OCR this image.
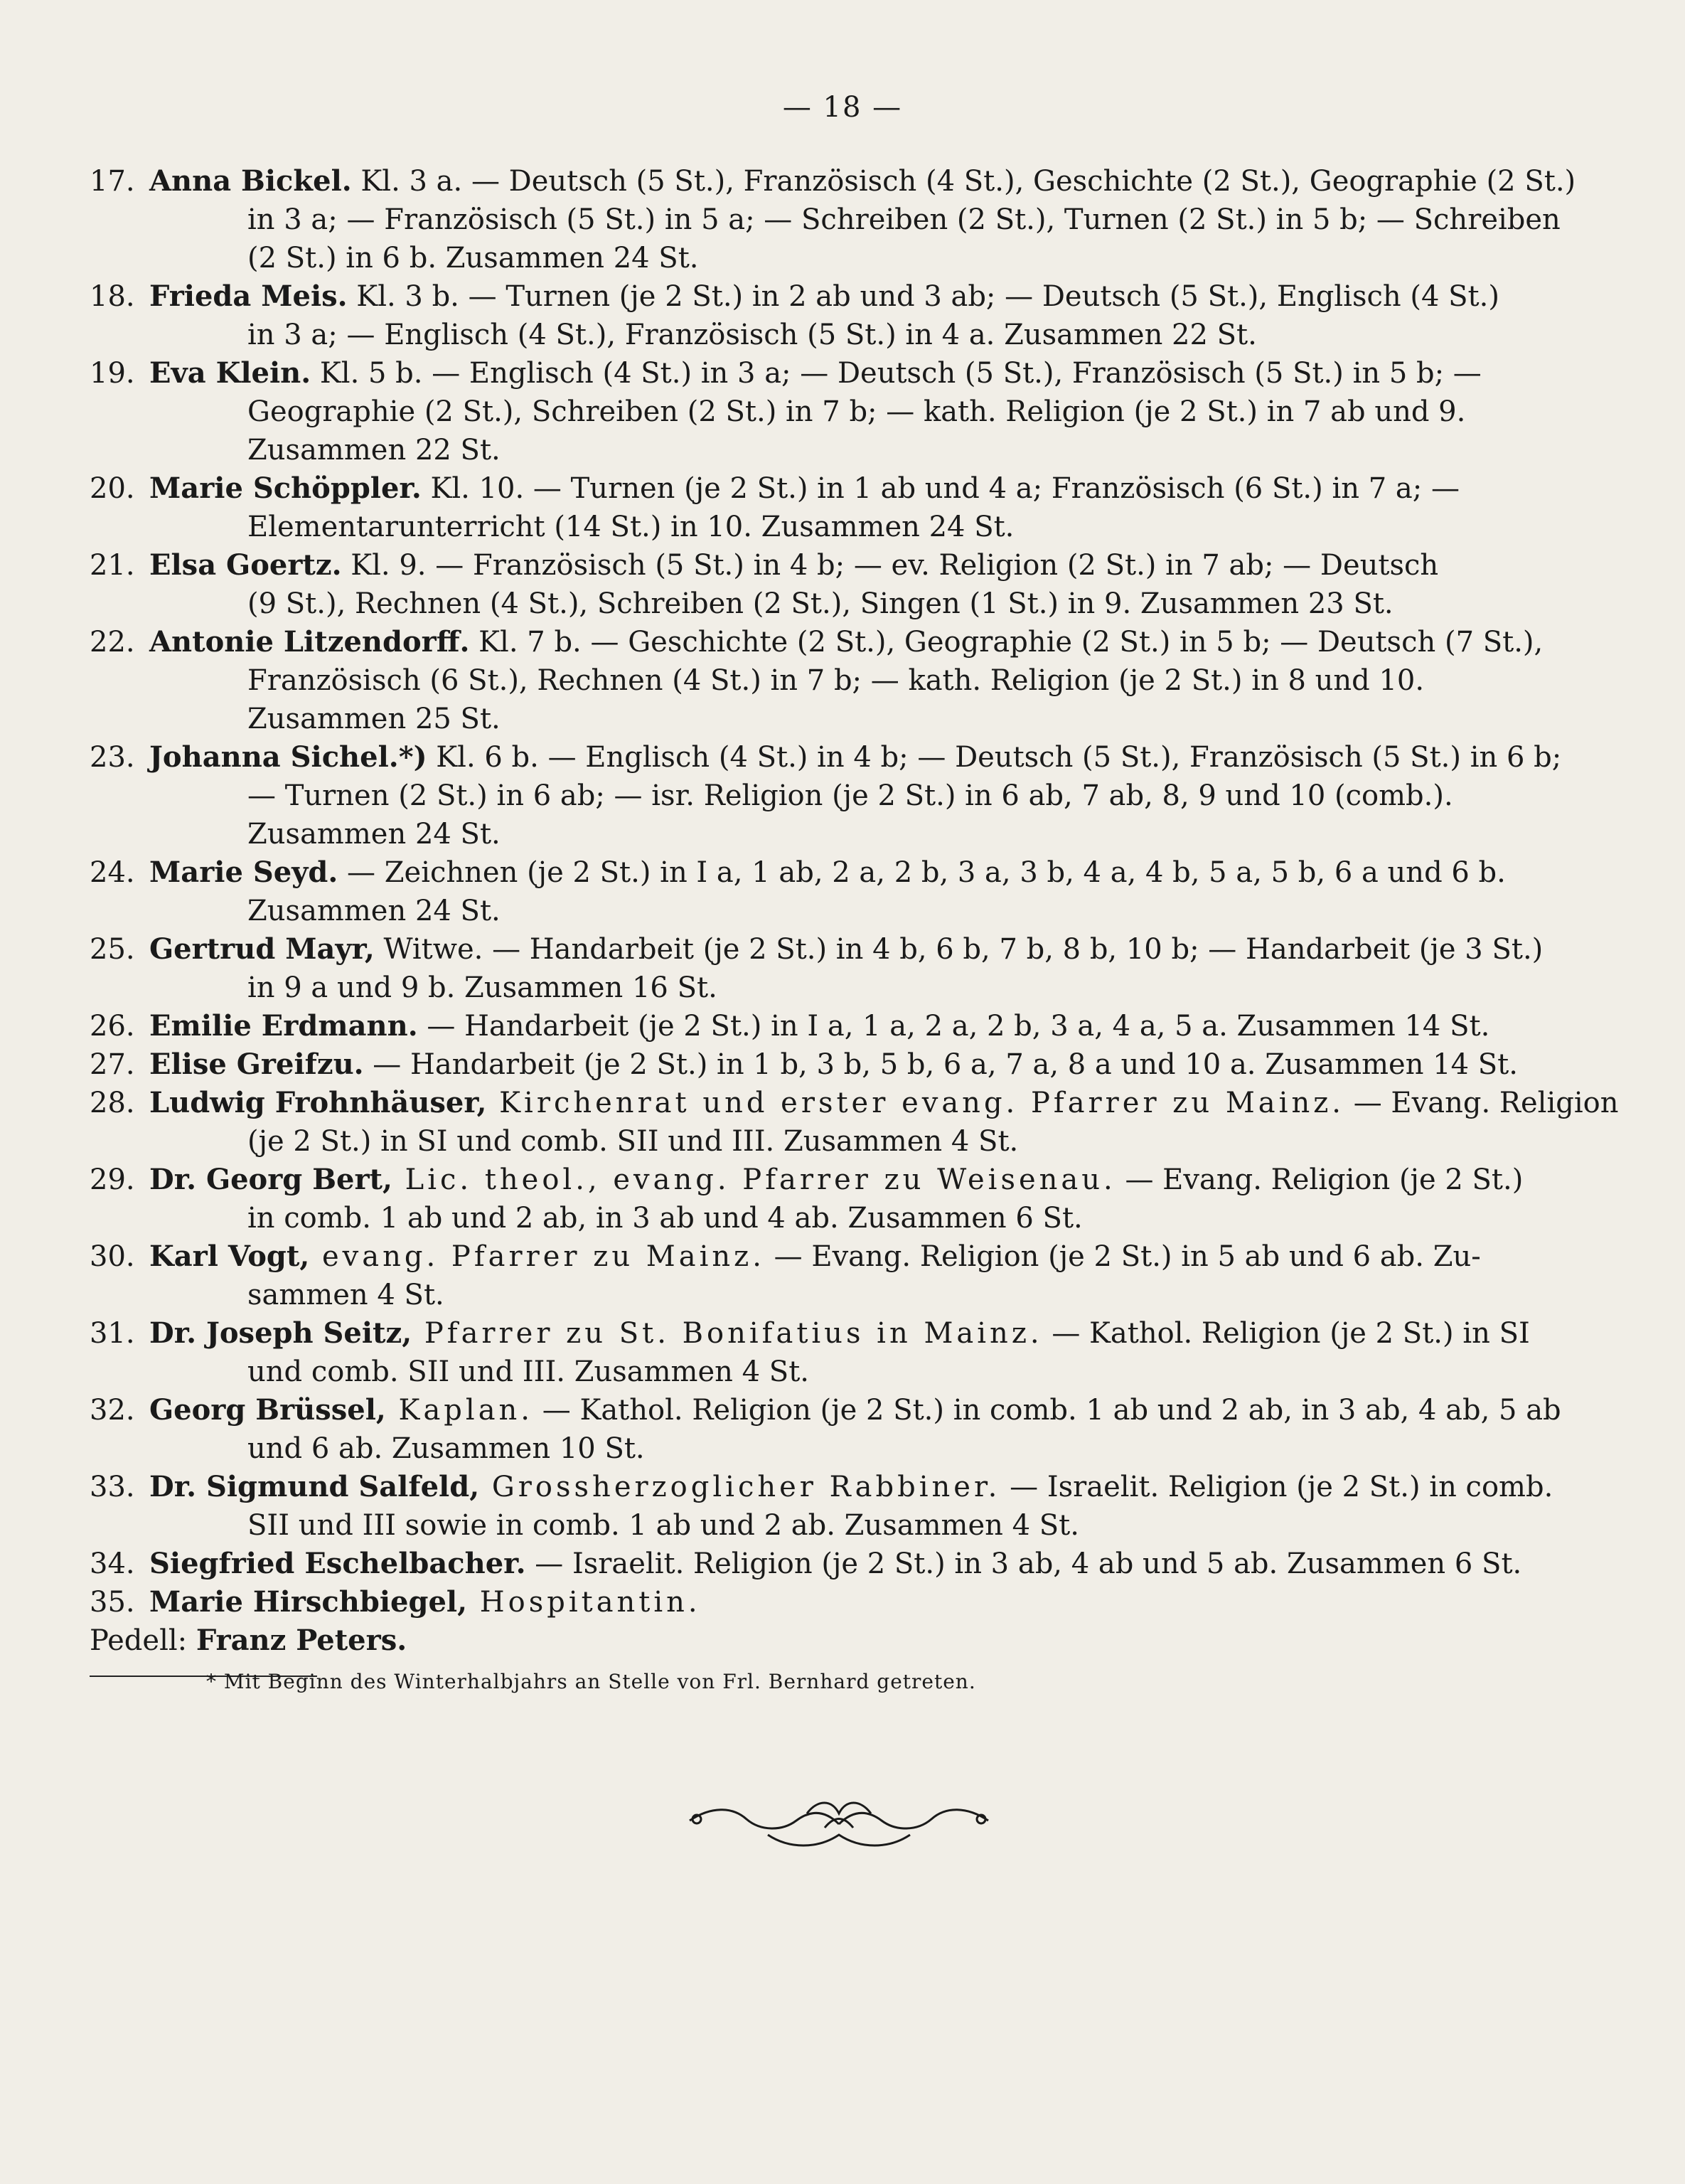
— 18 —
17. Anna Bickel. Kl. 3 a. — Deutsch (5 St.), Französisch (4 St.), Geschichte (2 St.), Geographie (2 St.)
in 3 a; — Französisch (5 St.) in 5 a; — Schreiben (2 St.), Turnen (2 St.) in 5 b; — Schreiben
(2 St.) in 6 b. Zusammen 24 St.
18. Frieda Meis. Kl. 3 b. — Turnen (je 2 St.) in 2 ab und 3 ab; — Deutsch (5 St.), Englisch (4 St.)
in 3 a; — Englisch (4 St.), Französisch (5 St.) in 4 a. Zusammen 22 St.
19. Eva Klein. Kl. 5 b. — Englisch (4 St.) in 3 a; — Deutsch (5 St.), Französisch (5 St.) in 5 b; —
Geographie (2 St.), Schreiben (2 St.) in 7 b; — kath. Religion (je 2 St.) in 7 ab und 9.
Zusammen 22 St.
20. Marie Schöppler. Kl. 10. — Turnen (je 2 St.) in 1 ab und 4 a; Französisch (6 St.) in 7 a; —
Elementarunterricht (14 St.) in 10. Zusammen 24 St.
21. Elsa Goertz. Kl. 9. — Französisch (5 St.) in 4 b; — ev. Religion (2 St.) in 7 ab; — Deutsch
(9 St.), Rechnen (4 St.), Schreiben (2 St.), Singen (1 St.) in 9. Zusammen 23 St.
22. Antonie Litzendorff. Kl. 7 b. — Geschichte (2 St.), Geographie (2 St.) in 5 b; — Deutsch (7 St.),
Französisch (6 St.), Rechnen (4 St.) in 7 b; — kath. Religion (je 2 St.) in 8 und 10.
Zusammen 25 St.
23. Johanna Sichel.*) Kl. 6 b. — Englisch (4 St.) in 4 b; — Deutsch (5 St.), Französisch (5 St.) in 6 b;
— Turnen (2 St.) in 6 ab; — isr. Religion (je 2 St.) in 6 ab, 7 ab, 8, 9 und 10 (comb.).
Zusammen 24 St.
24. Marie Seyd. — Zeichnen (je 2 St.) in I a, 1 ab, 2 a, 2 b, 3 a, 3 b, 4 a, 4 b, 5 a, 5 b, 6 a und 6 b.
Zusammen 24 St.
25. Gertrud Mayr, Witwe. — Handarbeit (je 2 St.) in 4 b, 6 b, 7 b, 8 b, 10 b; — Handarbeit (je 3 St.)
in 9 a und 9 b. Zusammen 16 St.
26. Emilie Erdmann. — Handarbeit (je 2 St.) in I a, 1 a, 2 a, 2 b, 3 a, 4 a, 5 a. Zusammen 14 St.
27. Elise Greifzu. — Handarbeit (je 2 St.) in 1 b, 3 b, 5 b, 6 a, 7 a, 8 a und 10 a. Zusammen 14 St.
28. Ludwig Frohnhäuser, Kirchenrat und erster evang. Pfarrer zu Mainz. — Evang. Religion
(je 2 St.) in SI und comb. SII und III. Zusammen 4 St.
29. Dr. Georg Bert, Lic. theol., evang. Pfarrer zu Weisenau. — Evang. Religion (je 2 St.)
in comb. 1 ab und 2 ab, in 3 ab und 4 ab. Zusammen 6 St.
30. Karl Vogt, evang. Pfarrer zu Mainz. — Evang. Religion (je 2 St.) in 5 ab und 6 ab. Zu-
sammen 4 St.
31. Dr. Joseph Seitz, Pfarrer zu St. Bonifatius in Mainz. — Kathol. Religion (je 2 St.) in SI
und comb. SII und III. Zusammen 4 St.
32. Georg Brüssel, Kaplan. — Kathol. Religion (je 2 St.) in comb. 1 ab und 2 ab, in 3 ab, 4 ab, 5 ab
und 6 ab. Zusammen 10 St.
33. Dr. Sigmund Salfeld, Grossherzoglicher Rabbiner. — Israelit. Religion (je 2 St.) in comb.
SII und III sowie in comb. 1 ab und 2 ab. Zusammen 4 St.
34. Siegfried Eschelbacher. — Israelit. Religion (je 2 St.) in 3 ab, 4 ab und 5 ab. Zusammen 6 St.
35. Marie Hirschbiegel, Hospitantin.
Pedell: Franz Peters.
* Mit Beginn des Winterhalbjahrs an Stelle von Frl. Bernhard getreten.
